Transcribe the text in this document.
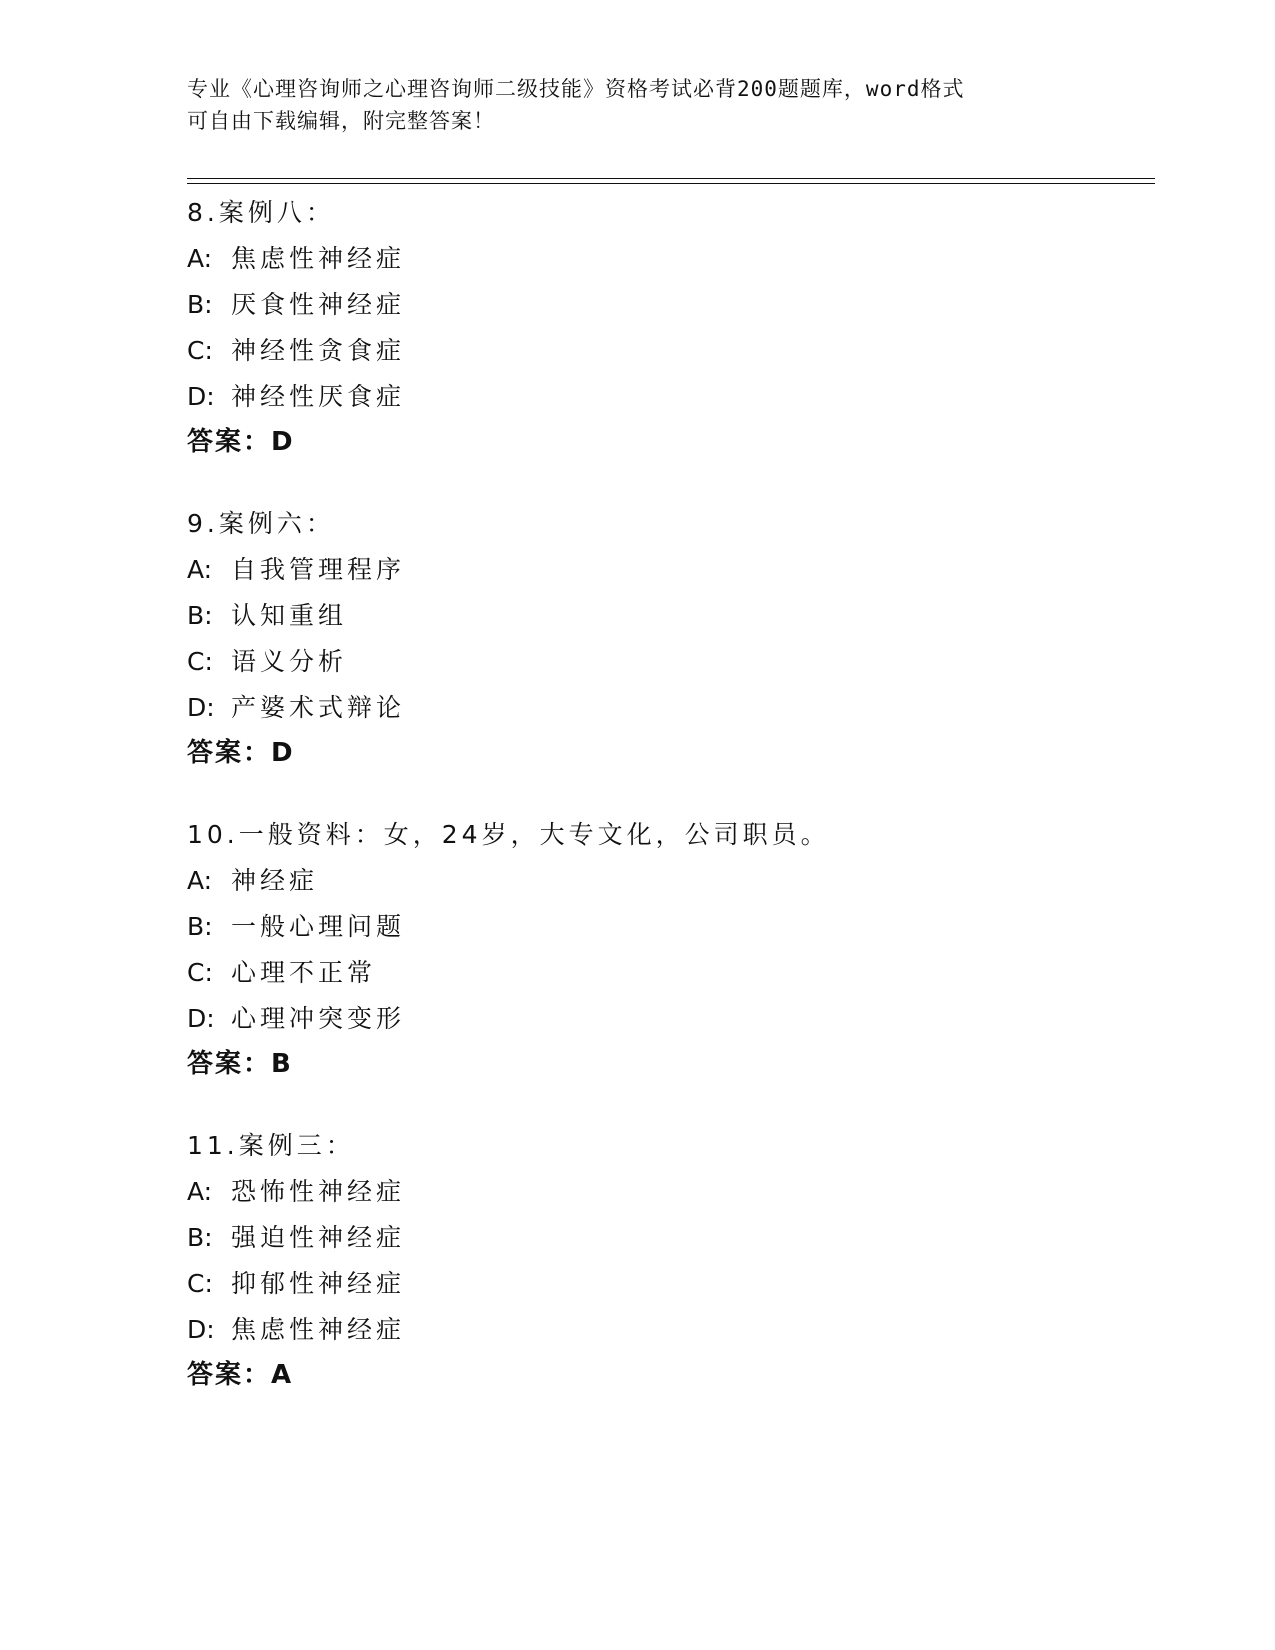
专业《心理咨询师之心理咨询师二级技能》资格考试必背200题题库，word格式
可自由下载编辑，附完整答案！
8.案例八：
A: 焦虑性神经症
B: 厌食性神经症
C: 神经性贪食症
D: 神经性厌食症
答案：D
9.案例六：
A: 自我管理程序
B: 认知重组
C: 语义分析
D: 产婆术式辩论
答案：D
10.一般资料：女，24岁，大专文化，公司职员。
A: 神经症
B: 一般心理问题
C: 心理不正常
D: 心理冲突变形
答案：B
11.案例三：
A: 恐怖性神经症
B: 强迫性神经症
C: 抑郁性神经症
D: 焦虑性神经症
答案：A
